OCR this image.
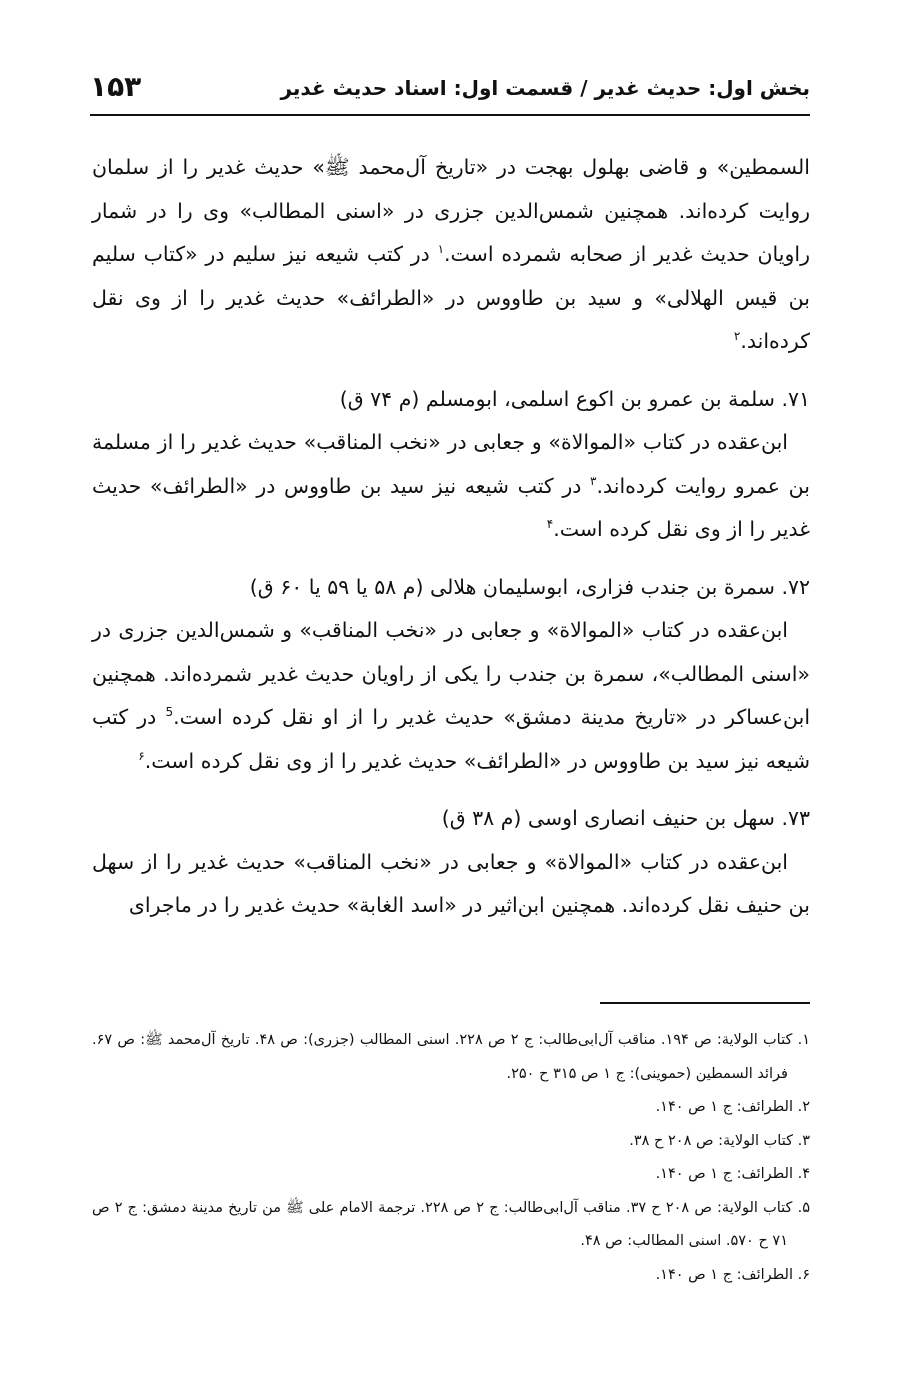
بخش اول: حدیث غدیر / قسمت اول: اسناد حدیث غدیر
۱۵۳

السمطین» و قاضی بهلول بهجت در «تاریخ آل‌محمد ﷺ» حدیث غدیر را از سلمان روایت کرده‌اند. همچنین شمس‌الدین جزری در «اسنی المطالب» وی را در شمار راویان حدیث غدیر از صحابه شمرده است.$^۱$ در کتب شیعه نیز سلیم در «کتاب سلیم بن قیس الهلالی» و سید بن طاووس در «الطرائف» حدیث غدیر را از وی نقل کرده‌اند.$^۲$

۷۱. سلمة بن عمرو بن اکوع اسلمی، ابومسلم (م ۷۴ ق)

ابن‌عقده در کتاب «الموالاة» و جعابی در «نخب المناقب» حدیث غدیر را از مسلمة بن عمرو روایت کرده‌اند.$^۳$ در کتب شیعه نیز سید بن طاووس در «الطرائف» حدیث غدیر را از وی نقل کرده است.$^۴$

۷۲. سمرة بن جندب فزاری، ابوسلیمان هلالی (م ۵۸ یا ۵۹ یا ۶۰ ق)

ابن‌عقده در کتاب «الموالاة» و جعابی در «نخب المناقب» و شمس‌الدین جزری در «اسنی المطالب»، سمرة بن جندب را یکی از راویان حدیث غدیر شمرده‌اند. همچنین ابن‌عساکر در «تاریخ مدینة دمشق» حدیث غدیر را از او نقل کرده است.$^5$ در کتب شیعه نیز سید بن طاووس در «الطرائف» حدیث غدیر را از وی نقل کرده است.$^۶$

۷۳. سهل بن حنیف انصاری اوسی (م ۳۸ ق)

ابن‌عقده در کتاب «الموالاة» و جعابی در «نخب المناقب» حدیث غدیر را از سهل بن حنیف نقل کرده‌اند. همچنین ابن‌اثیر در «اسد الغابة» حدیث غدیر را در ماجرای

۱. کتاب الولایة: ص ۱۹۴. مناقب آل‌ابی‌طالب: ج ۲ ص ۲۲۸. اسنی المطالب (جزری): ص ۴۸. تاریخ آل‌محمد ﷺ: ص ۶۷. فرائد السمطین (حموینی): ج ۱ ص ۳۱۵ ح ۲۵۰.

۲. الطرائف: ج ۱ ص ۱۴۰.

۳. کتاب الولایة: ص ۲۰۸ ح ۳۸.

۴. الطرائف: ج ۱ ص ۱۴۰.

۵. کتاب الولایة: ص ۲۰۸ ح ۳۷. مناقب آل‌ابی‌طالب: ج ۲ ص ۲۲۸. ترجمة الامام علی ﷺ من تاریخ مدینة دمشق: ج ۲ ص ۷۱ ح ۵۷۰. اسنی المطالب: ص ۴۸.

۶. الطرائف: ج ۱ ص ۱۴۰.
